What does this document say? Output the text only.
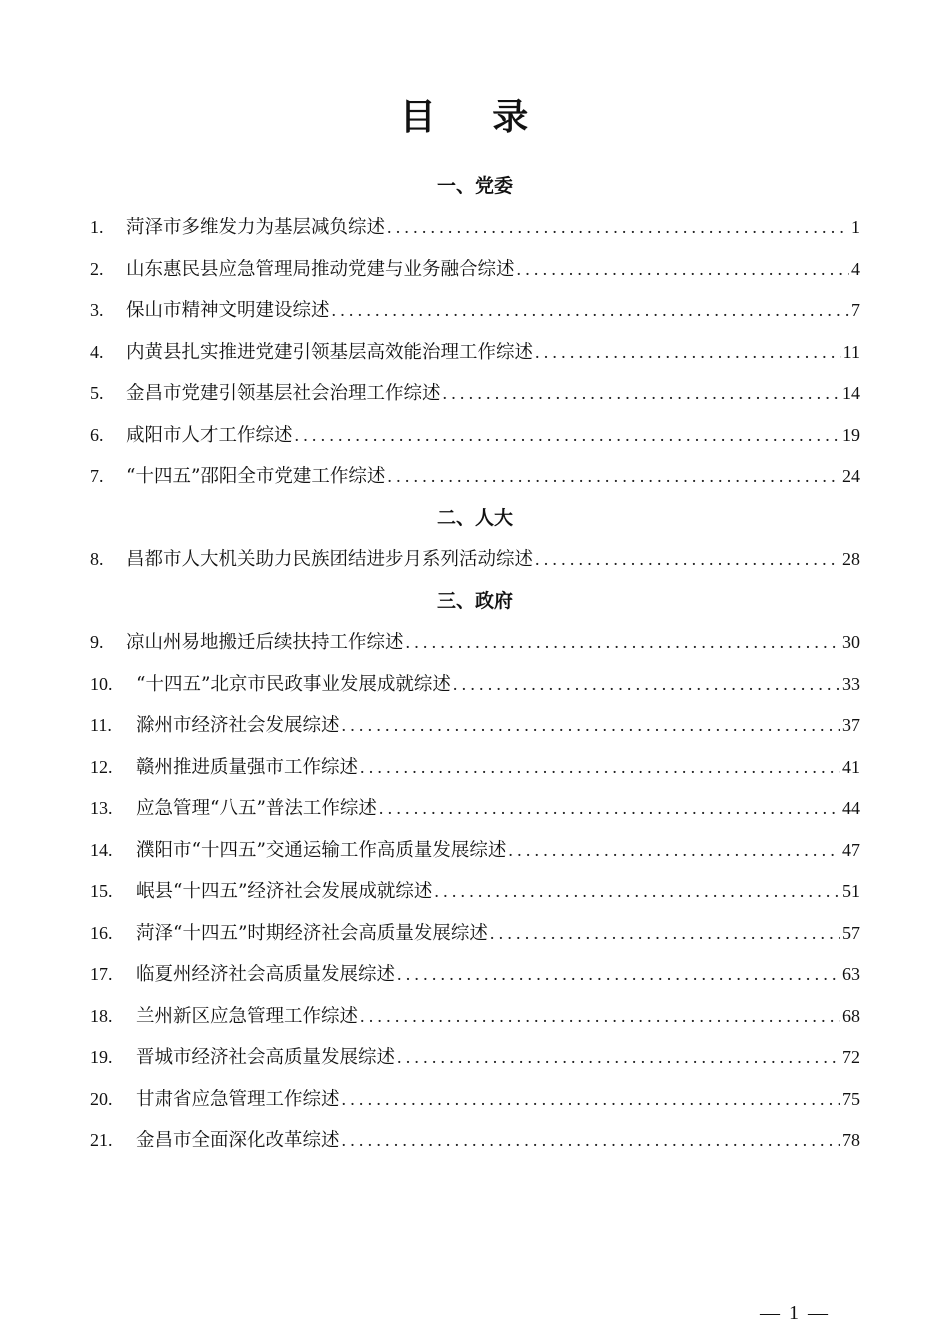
目 录
一、党委
1.	菏泽市多维发力为基层减负综述 .....	1
2.	山东惠民县应急管理局推动党建与业务融合综述 .....	4
3.	保山市精神文明建设综述 .....	7
4.	内黄县扎实推进党建引领基层高效能治理工作综述 .....	11
5.	金昌市党建引领基层社会治理工作综述 .....	14
6.	咸阳市人才工作综述 .....	19
7.	“十四五”邵阳全市党建工作综述 .....	24
二、人大
8.	昌都市人大机关助力民族团结进步月系列活动综述 .....	28
三、政府
9.	凉山州易地搬迁后续扶持工作综述 .....	30
10.	“十四五”北京市民政事业发展成就综述 .....	33
11.	滁州市经济社会发展综述 .....	37
12.	赣州推进质量强市工作综述 .....	41
13.	应急管理“八五”普法工作综述 .....	44
14.	濮阳市“十四五”交通运输工作高质量发展综述 .....	47
15.	岷县“十四五”经济社会发展成就综述 .....	51
16.	菏泽“十四五”时期经济社会高质量发展综述 .....	57
17.	临夏州经济社会高质量发展综述 .....	63
18.	兰州新区应急管理工作综述 .....	68
19.	晋城市经济社会高质量发展综述 .....	72
20.	甘肃省应急管理工作综述 .....	75
21.	金昌市全面深化改革综述 .....	78
— 1 —
